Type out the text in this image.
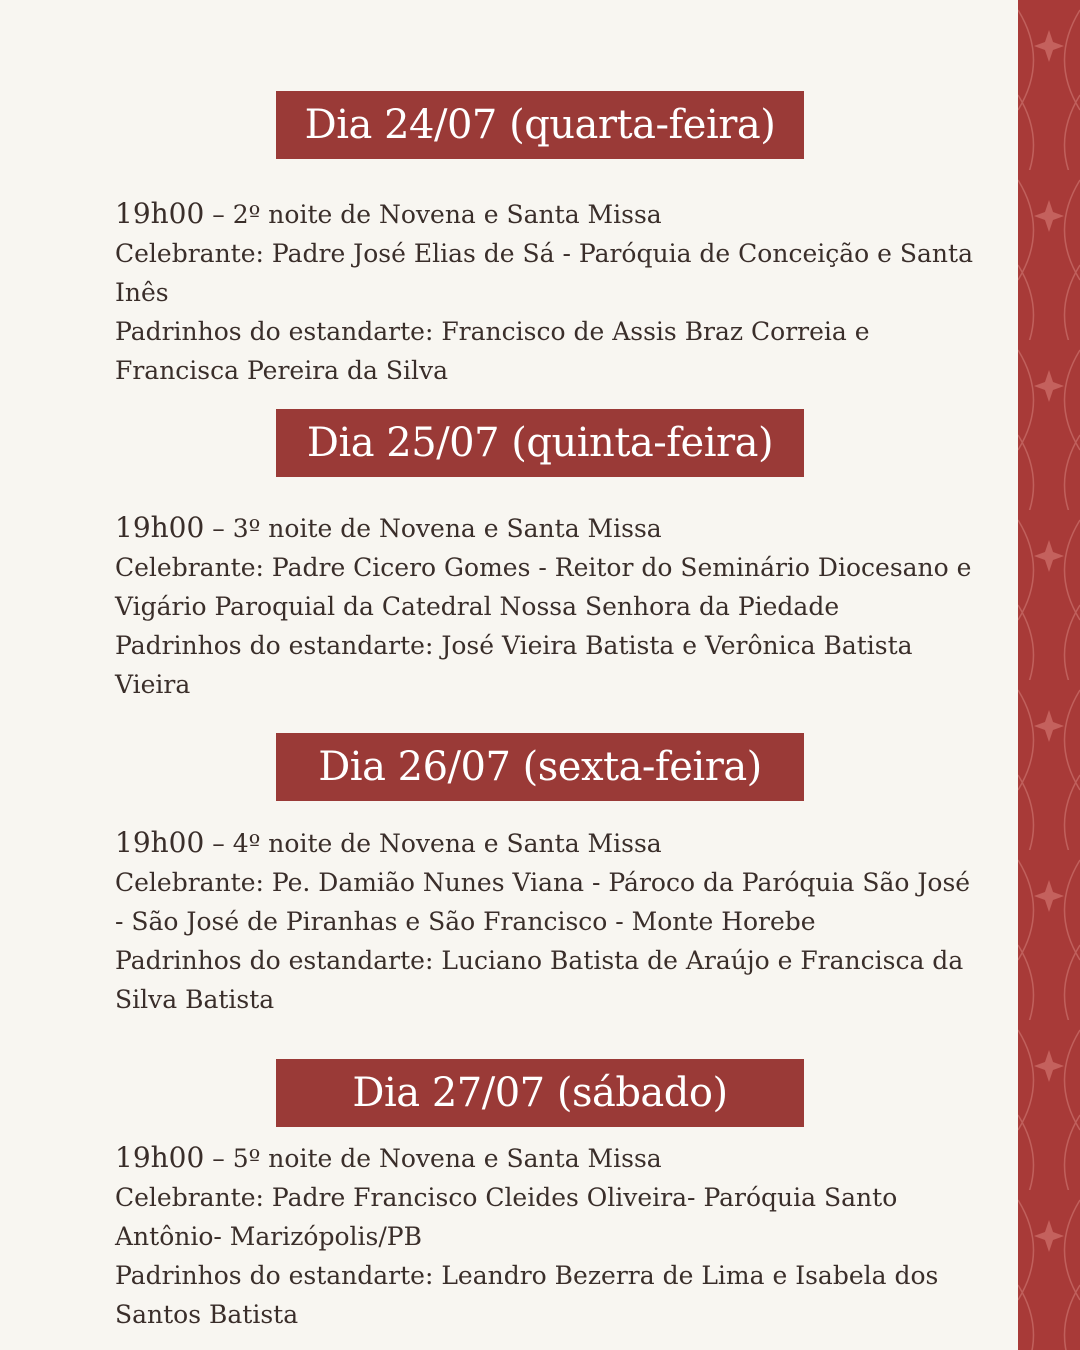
Dia 24/07 (quarta-feira)

19h00 – 2º noite de Novena e Santa Missa

Celebrante: Padre José Elias de Sá - Paróquia de Conceição e Santa Inês

Padrinhos do estandarte: Francisco de Assis Braz Correia e Francisca Pereira da Silva

Dia 25/07 (quinta-feira)

19h00 – 3º noite de Novena e Santa Missa

Celebrante: Padre Cicero Gomes - Reitor do Seminário Diocesano e Vigário Paroquial da Catedral Nossa Senhora da Piedade

Padrinhos do estandarte: José Vieira Batista e Verônica Batista Vieira

Dia 26/07 (sexta-feira)

19h00 – 4º noite de Novena e Santa Missa

Celebrante: Pe. Damião Nunes Viana - Pároco da Paróquia São José - São José de Piranhas e São Francisco - Monte Horebe

Padrinhos do estandarte: Luciano Batista de Araújo e Francisca da Silva Batista

Dia 27/07 (sábado)

19h00 – 5º noite de Novena e Santa Missa

Celebrante: Padre Francisco Cleides Oliveira- Paróquia Santo Antônio- Marizópolis/PB

Padrinhos do estandarte: Leandro Bezerra de Lima e Isabela dos Santos Batista
